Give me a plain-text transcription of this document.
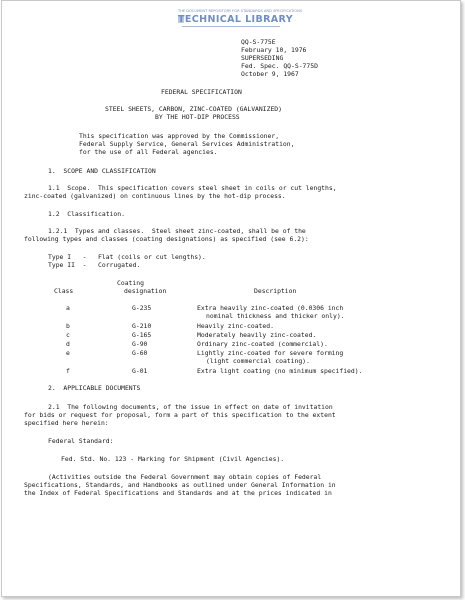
THE DOCUMENT REPOSITORY FOR STANDARDS AND SPECIFICATIONS
TECHNICAL LIBRARY
QQ-S-775E
February 10, 1976
SUPERSEDING
Fed. Spec. QQ-S-775D
October 9, 1967
FEDERAL SPECIFICATION
STEEL SHEETS, CARBON, ZINC-COATED (GALVANIZED)
BY THE HOT-DIP PROCESS
This specification was approved by the Commissioner,
Federal Supply Service, General Services Administration,
for the use of all Federal agencies.
1.  SCOPE AND CLASSIFICATION
1.1  Scope.  This specification covers steel sheet in coils or cut lengths,
zinc-coated (galvanized) on continuous lines by the hot-dip process.
1.2  Classification.
1.2.1  Types and classes.  Steel sheet zinc-coated, shall be of the
following types and classes (coating designations) as specified (see 6.2):
Type I   -   Flat (coils or cut lengths).
Type II  -   Corrugated.
Coating
Class	designation	Description
a	G-235	Extra heavily zinc-coated (0.0306 inch
nominal thickness and thicker only).
b	G-210	Heavily zinc-coated.
c	G-165	Moderately heavily zinc-coated.
d	G-90	Ordinary zinc-coated (commercial).
e	G-60	Lightly zinc-coated for severe forming
(light commercial coating).
f	G-01	Extra light coating (no minimum specified).
2.  APPLICABLE DOCUMENTS
2.1  The following documents, of the issue in effect on date of invitation
for bids or request for proposal, form a part of this specification to the extent
specified here herein:
Federal Standard:
Fed. Std. No. 123 - Marking for Shipment (Civil Agencies).
(Activities outside the Federal Government may obtain copies of Federal
Specifications, Standards, and Handbooks as outlined under General Information in
the Index of Federal Specifications and Standards and at the prices indicated in
